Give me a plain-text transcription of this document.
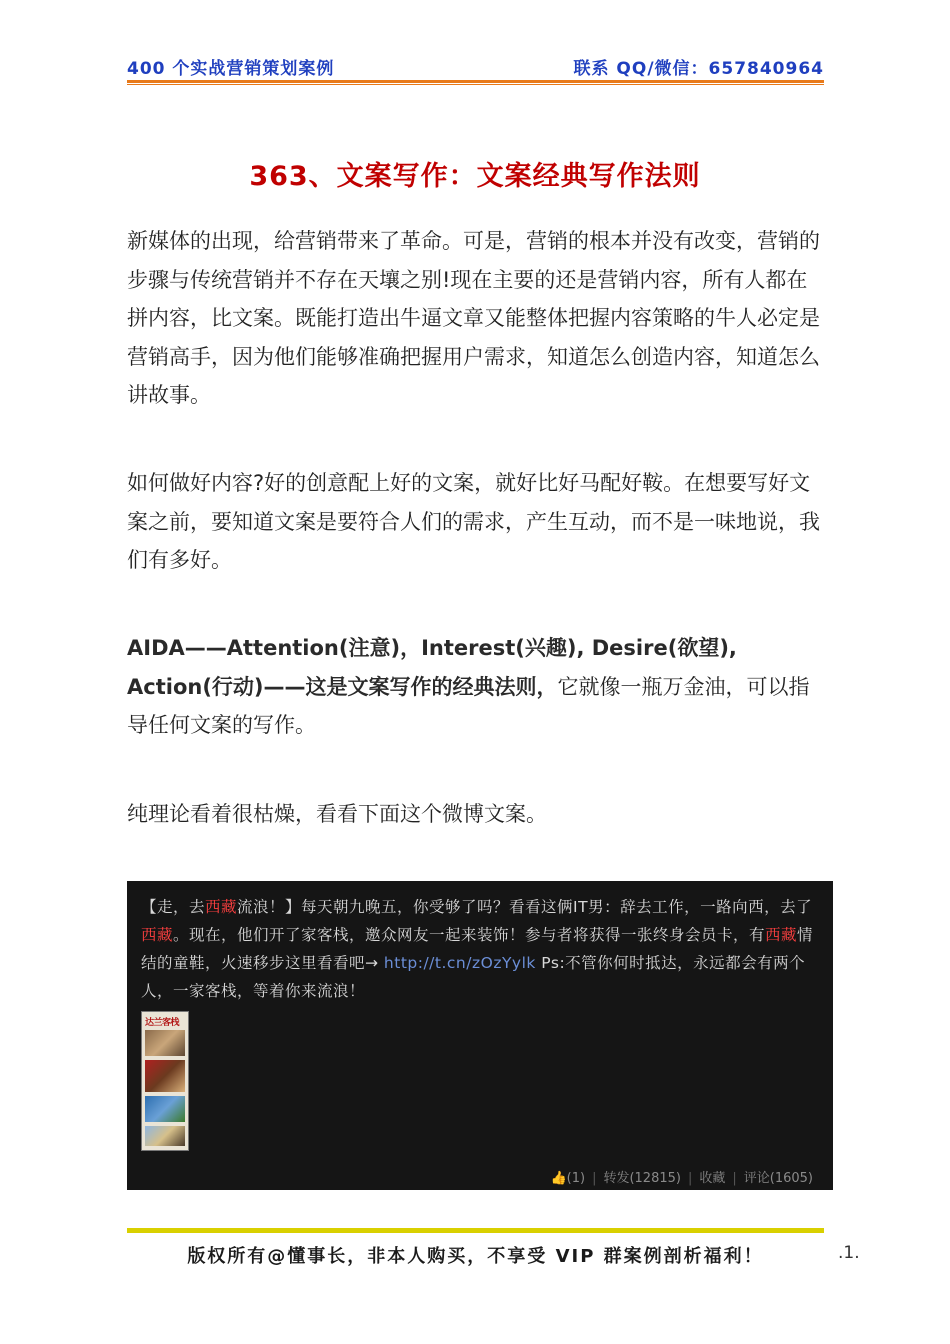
400 个实战营销策划案例	联系 QQ/微信：657840964
363、文案写作：文案经典写作法则

新媒体的出现，给营销带来了革命。可是，营销的根本并没有改变，营销的步骤与传统营销并不存在天壤之别!现在主要的还是营销内容，所有人都在拼内容，比文案。既能打造出牛逼文章又能整体把握内容策略的牛人必定是营销高手，因为他们能够准确把握用户需求，知道怎么创造内容，知道怎么讲故事。

如何做好内容?好的创意配上好的文案，就好比好马配好鞍。在想要写好文案之前，要知道文案是要符合人们的需求，产生互动，而不是一味地说，我们有多好。

AIDA——Attention(注意)，Interest(兴趣), Desire(欲望), Action(行动)——这是文案写作的经典法则，它就像一瓶万金油，可以指导任何文案的写作。

纯理论看着很枯燥，看看下面这个微博文案。

【走，去西藏流浪！】每天朝九晚五，你受够了吗？看看这俩IT男：辞去工作，一路向西，去了西藏。现在，他们开了家客栈，邀众网友一起来装饰！参与者将获得一张终身会员卡，有西藏情结的童鞋，火速移步这里看看吧→ http://t.cn/zOzYylk Ps:不管你何时抵达，永远都会有两个人，一家客栈，等着你来流浪！

达兰客栈
👍(1) | 转发(12815) | 收藏 | 评论(1605)
版权所有@懂事长，非本人购买，不享受 VIP 群案例剖析福利！	.1.
